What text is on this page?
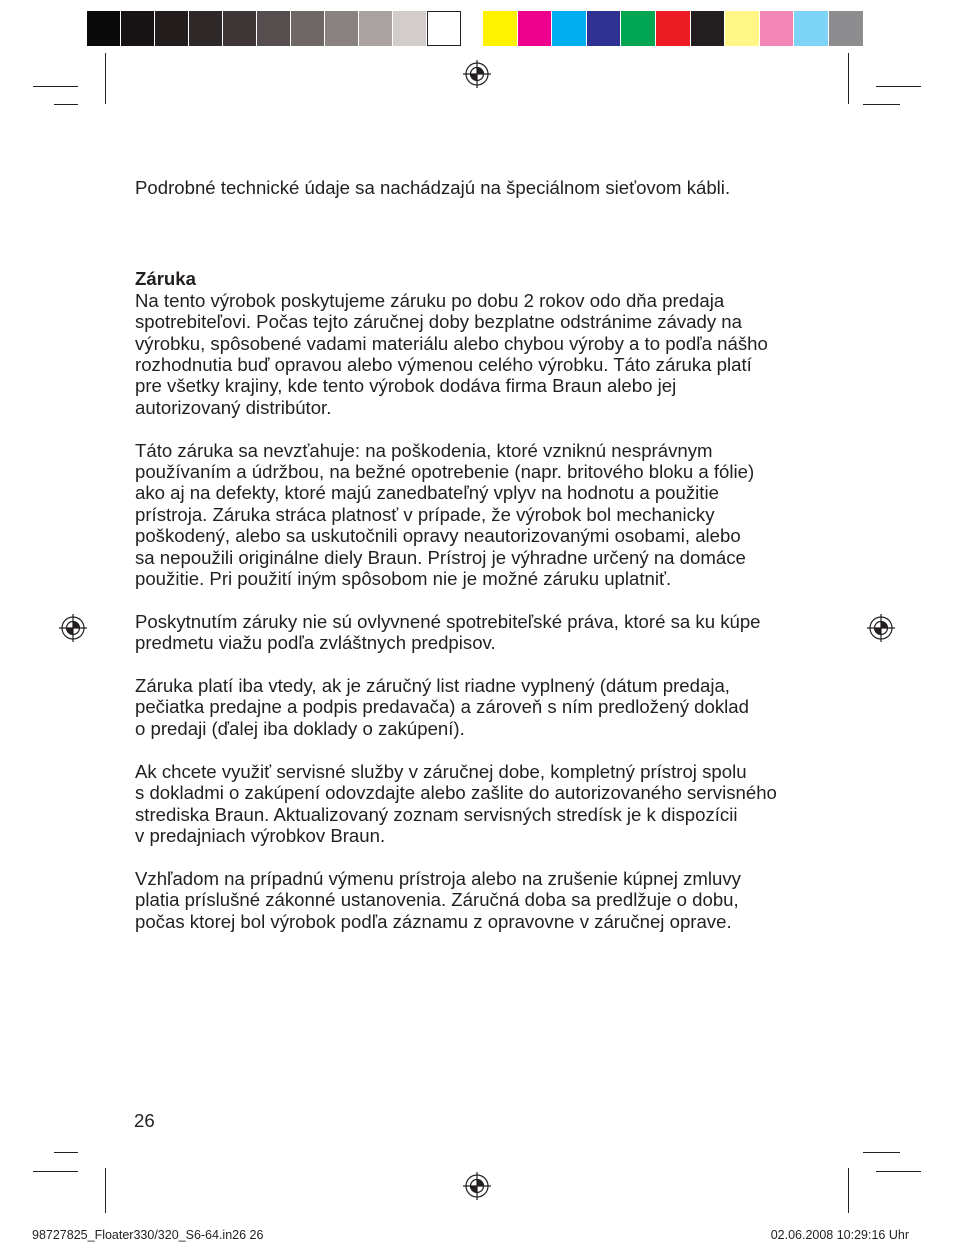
Podrobné technické údaje sa nachádzajú na špeciálnom sieťovom kábli.

Záruka

Na tento výrobok poskytujeme záruku po dobu 2 rokov odo dňa predaja
spotrebiteľovi. Počas tejto záručnej doby bezplatne odstránime závady na
výrobku, spôsobené vadami materiálu alebo chybou výroby a to podľa nášho
rozhodnutia buď opravou alebo výmenou celého výrobku. Táto záruka platí
pre všetky krajiny, kde tento výrobok dodáva firma Braun alebo jej
autorizovaný distribútor.
Táto záruka sa nevzťahuje: na poškodenia, ktoré vzniknú nesprávnym
používaním a údržbou, na bežné opotrebenie (napr. britového bloku a fólie)
ako aj na defekty, ktoré majú zanedbateľný vplyv na hodnotu a použitie
prístroja. Záruka stráca platnosť v prípade, že výrobok bol mechanicky
poškodený, alebo sa uskutočnili opravy neautorizovanými osobami, alebo
sa nepoužili originálne diely Braun. Prístroj je výhradne určený na domáce
použitie. Pri použití iným spôsobom nie je možné záruku uplatniť.
Poskytnutím záruky nie sú ovlyvnené spotrebiteľské práva, ktoré sa ku kúpe
predmetu viažu podľa zvláštnych predpisov.
Záruka platí iba vtedy, ak je záručný list riadne vyplnený (dátum predaja,
pečiatka predajne a podpis predavača) a zároveň s ním predložený doklad
o predaji (ďalej iba doklady o zakúpení).
Ak chcete využiť servisné služby v záručnej dobe, kompletný prístroj spolu
s dokladmi o zakúpení odovzdajte alebo zašlite do autorizovaného servisného
strediska Braun. Aktualizovaný zoznam servisných stredísk je k dispozícii
v predajniach výrobkov Braun.
Vzhľadom na prípadnú výmenu prístroja alebo na zrušenie kúpnej zmluvy
platia príslušné zákonné ustanovenia. Záručná doba sa predlžuje o dobu,
počas ktorej bol výrobok podľa záznamu z opravovne v záručnej oprave.
26
98727825_Floater330/320_S6-64.in26 26	02.06.2008 10:29:16 Uhr
